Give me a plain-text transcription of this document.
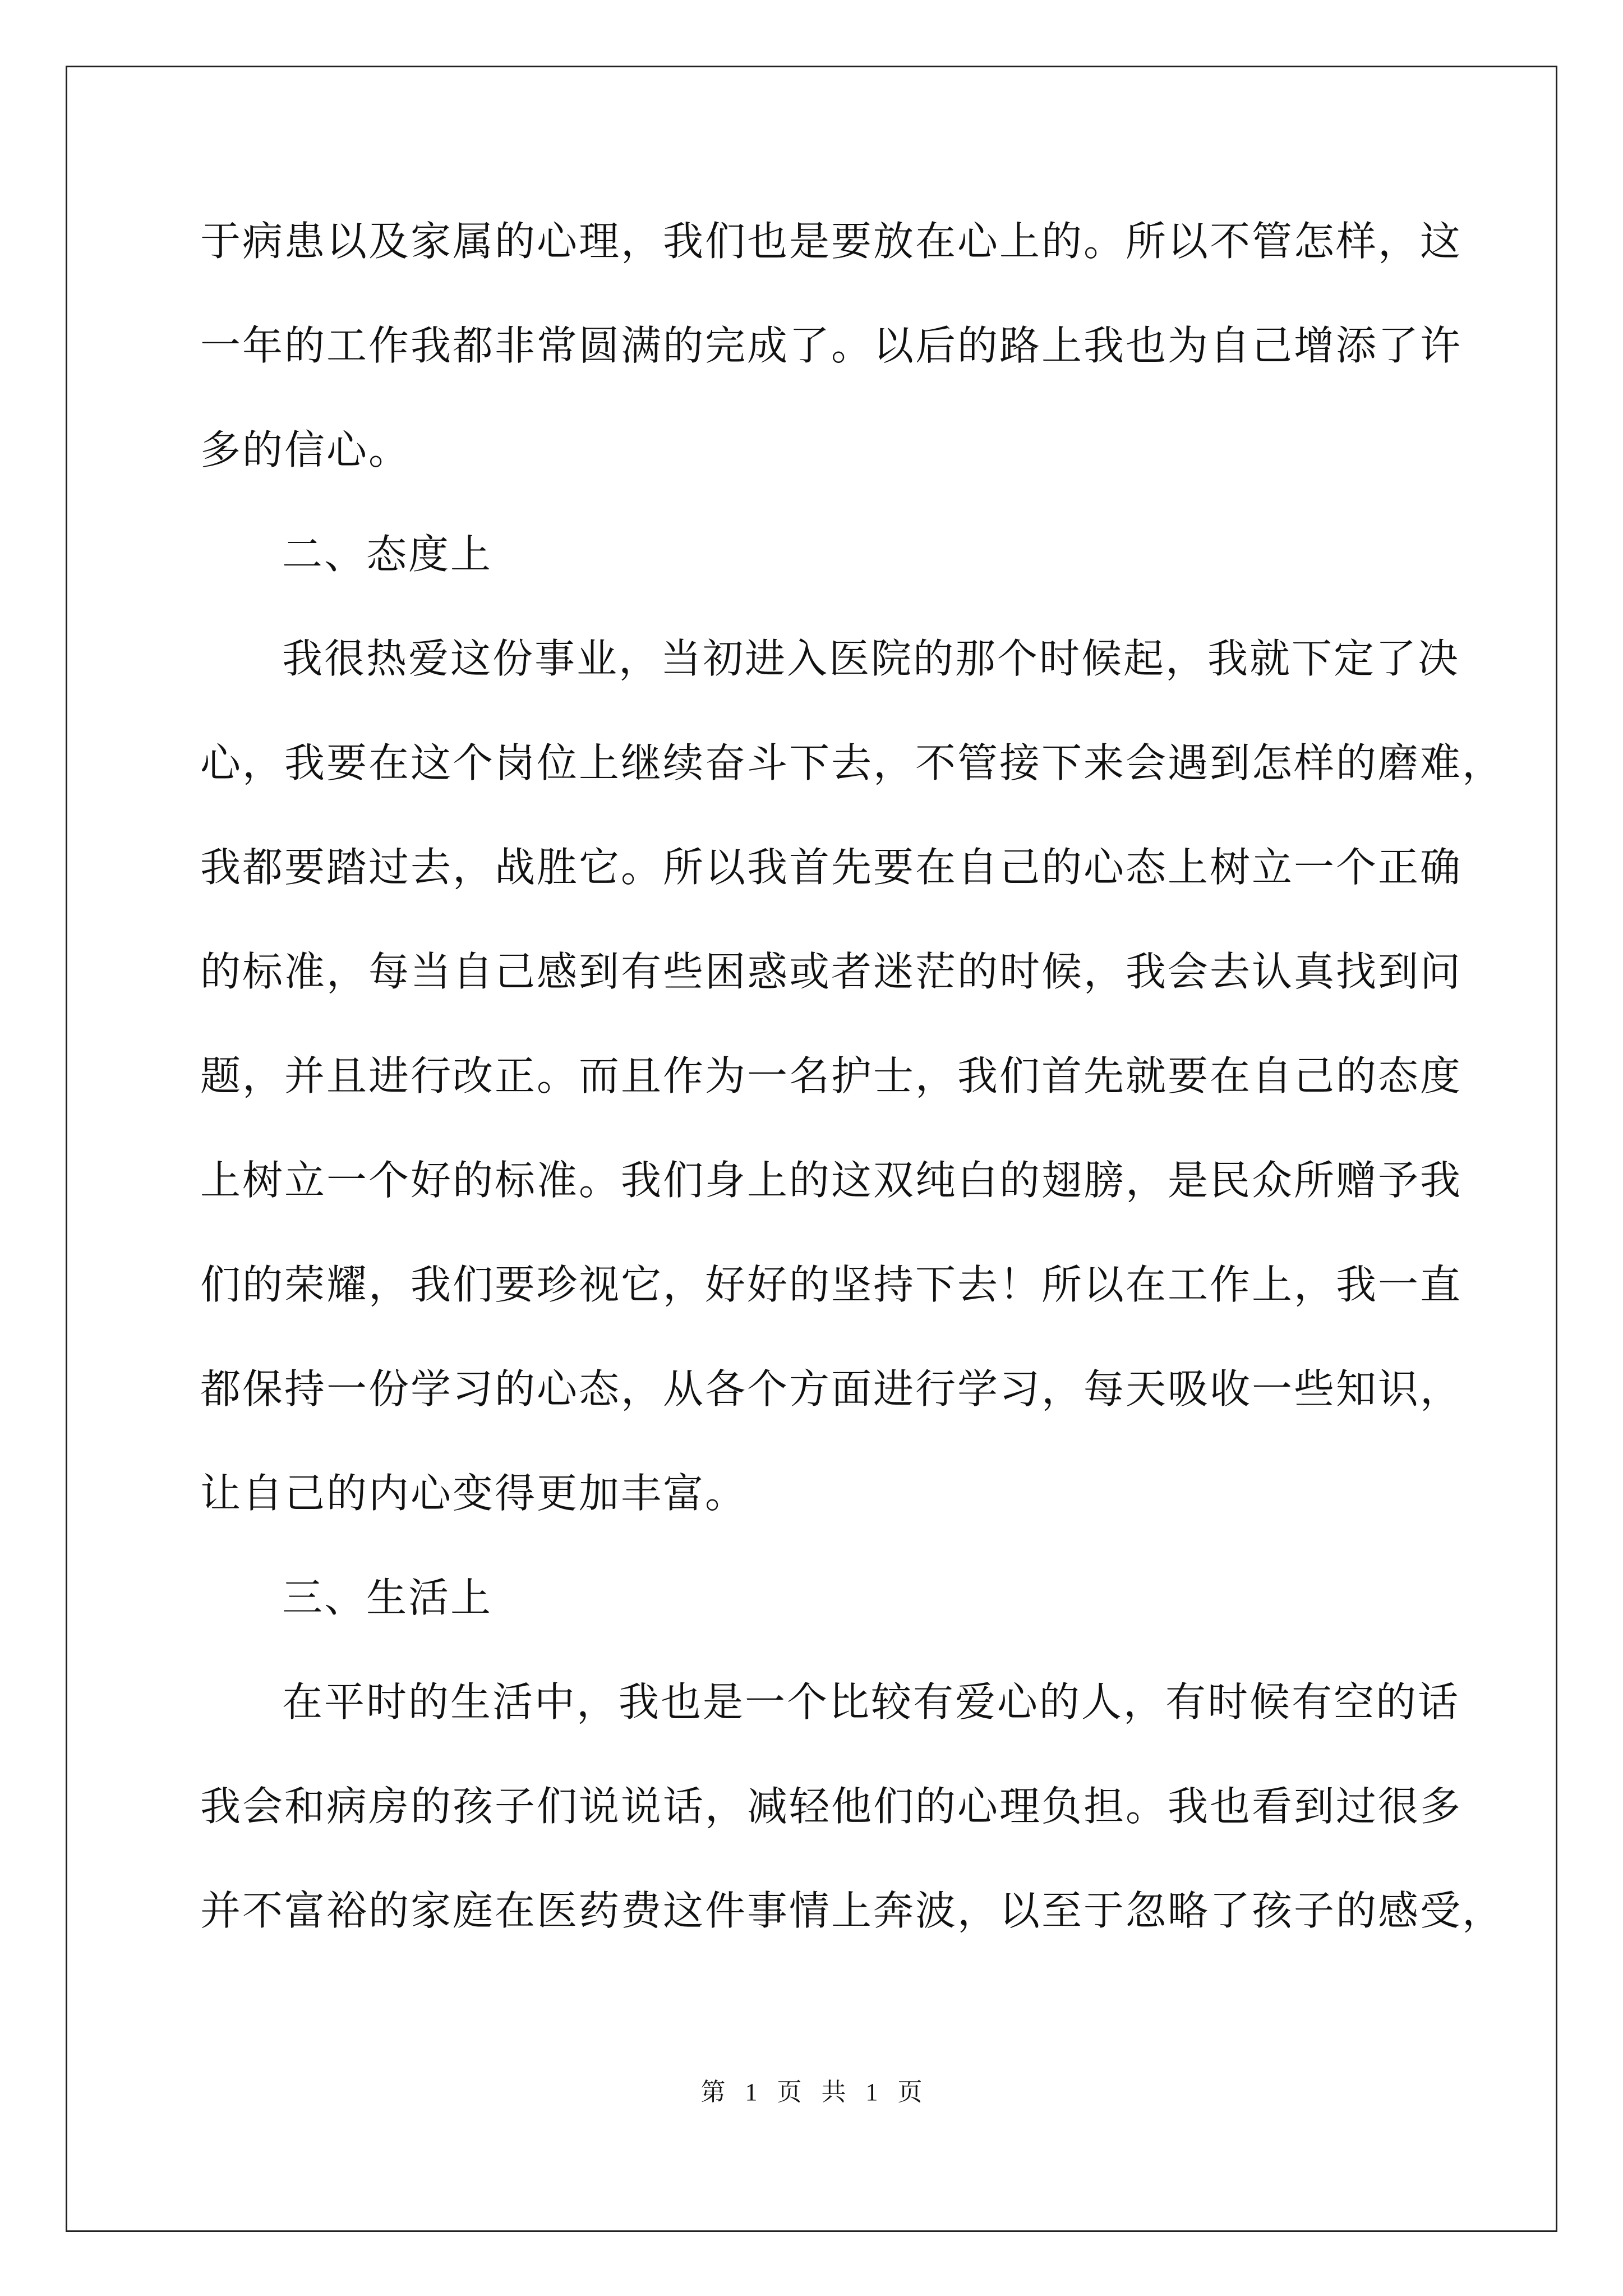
于病患以及家属的心理，我们也是要放在心上的。所以不管怎样，这
一年的工作我都非常圆满的完成了。以后的路上我也为自己增添了许
多的信心。
二、态度上
我很热爱这份事业，当初进入医院的那个时候起，我就下定了决
心，我要在这个岗位上继续奋斗下去，不管接下来会遇到怎样的磨难，
我都要踏过去，战胜它。所以我首先要在自己的心态上树立一个正确
的标准，每当自己感到有些困惑或者迷茫的时候，我会去认真找到问
题，并且进行改正。而且作为一名护士，我们首先就要在自己的态度
上树立一个好的标准。我们身上的这双纯白的翅膀，是民众所赠予我
们的荣耀，我们要珍视它，好好的坚持下去！所以在工作上，我一直
都保持一份学习的心态，从各个方面进行学习，每天吸收一些知识，
让自己的内心变得更加丰富。
三、生活上
在平时的生活中，我也是一个比较有爱心的人，有时候有空的话
我会和病房的孩子们说说话，减轻他们的心理负担。我也看到过很多
并不富裕的家庭在医药费这件事情上奔波，以至于忽略了孩子的感受，
第 1 页 共 1 页
